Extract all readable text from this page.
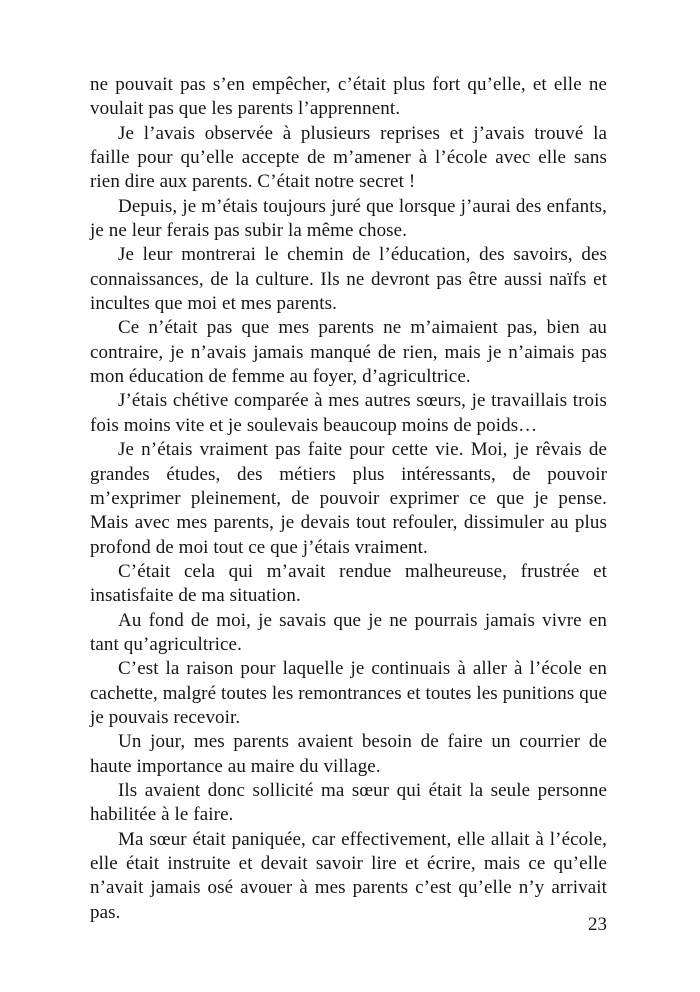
ne pouvait pas s’en empêcher, c’était plus fort qu’elle, et elle ne voulait pas que les parents l’apprennent.

Je l’avais observée à plusieurs reprises et j’avais trouvé la faille pour qu’elle accepte de m’amener à l’école avec elle sans rien dire aux parents. C’était notre secret !

Depuis, je m’étais toujours juré que lorsque j’aurai des enfants, je ne leur ferais pas subir la même chose.

Je leur montrerai le chemin de l’éducation, des savoirs, des connaissances, de la culture. Ils ne devront pas être aussi naïfs et incultes que moi et mes parents.

Ce n’était pas que mes parents ne m’aimaient pas, bien au contraire, je n’avais jamais manqué de rien, mais je n’aimais pas mon éducation de femme au foyer, d’agricultrice.

J’étais chétive comparée à mes autres sœurs, je travaillais trois fois moins vite et je soulevais beaucoup moins de poids…

Je n’étais vraiment pas faite pour cette vie. Moi, je rêvais de grandes études, des métiers plus intéressants, de pouvoir m’exprimer pleinement, de pouvoir exprimer ce que je pense. Mais avec mes parents, je devais tout refouler, dissimuler au plus profond de moi tout ce que j’étais vraiment.

C’était cela qui m’avait rendue malheureuse, frustrée et insatisfaite de ma situation.

Au fond de moi, je savais que je ne pourrais jamais vivre en tant qu’agricultrice.

C’est la raison pour laquelle je continuais à aller à l’école en cachette, malgré toutes les remontrances et toutes les punitions que je pouvais recevoir.

Un jour, mes parents avaient besoin de faire un courrier de haute importance au maire du village.

Ils avaient donc sollicité ma sœur qui était la seule personne habilitée à le faire.

Ma sœur était paniquée, car effectivement, elle allait à l’école, elle était instruite et devait savoir lire et écrire, mais ce qu’elle n’avait jamais osé avouer à mes parents c’est qu’elle n’y arrivait pas.

23
